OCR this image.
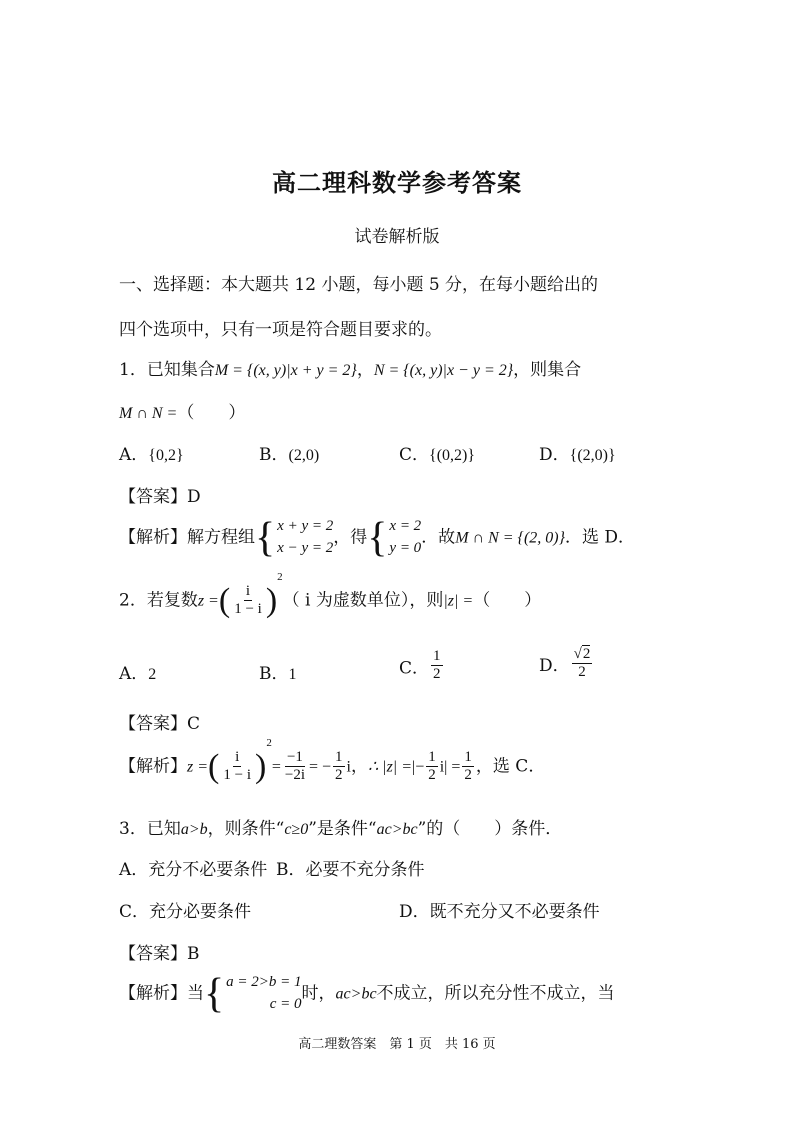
高二理科数学参考答案
试卷解析版
一、选择题：本大题共 12 小题，每小题 5 分，在每小题给出的
四个选项中，只有一项是符合题目要求的。
1．已知集合M = {(x, y)|x + y = 2}，N = {(x, y)|x − y = 2}，则集合
M ∩ N =（　　）
A．{0,2}	B．(2,0)	C．{(0,2)}	D．{(2,0)}
【答案】D
【解析】解方程组 { x + y = 2
x − y = 2
，得 { x = 2
y = 0
．故M ∩ N = {(2, 0)}．选 D．
2．若复数z =( $\frac{i}{1 - i} )^2$（ i 为虚数单位），则|z| =（　　）
A．2	B．1	C． $\frac{1}{2}$	D． $\frac{√2}{2}$
【答案】C
【解析】z =( $\frac{i}{1 - i} )^2= \frac{-1}{-2i}$ = − $\frac{1}{2}$ i，∴ |z| =|− $\frac{1}{2} i| = \frac{1}{2}$ ，选 C．
3．已知a>b，则条件“c≥0”是条件“ac>bc”的（　　）条件．
A．充分不必要条件 B．必要不充分条件
C．充分必要条件	D．既不充分又不必要条件
【答案】B
【解析】当 { a = 2>b = 1
c = 0
时，ac>bc不成立，所以充分性不成立，当
高二理数答案　第 1 页　共 16 页
